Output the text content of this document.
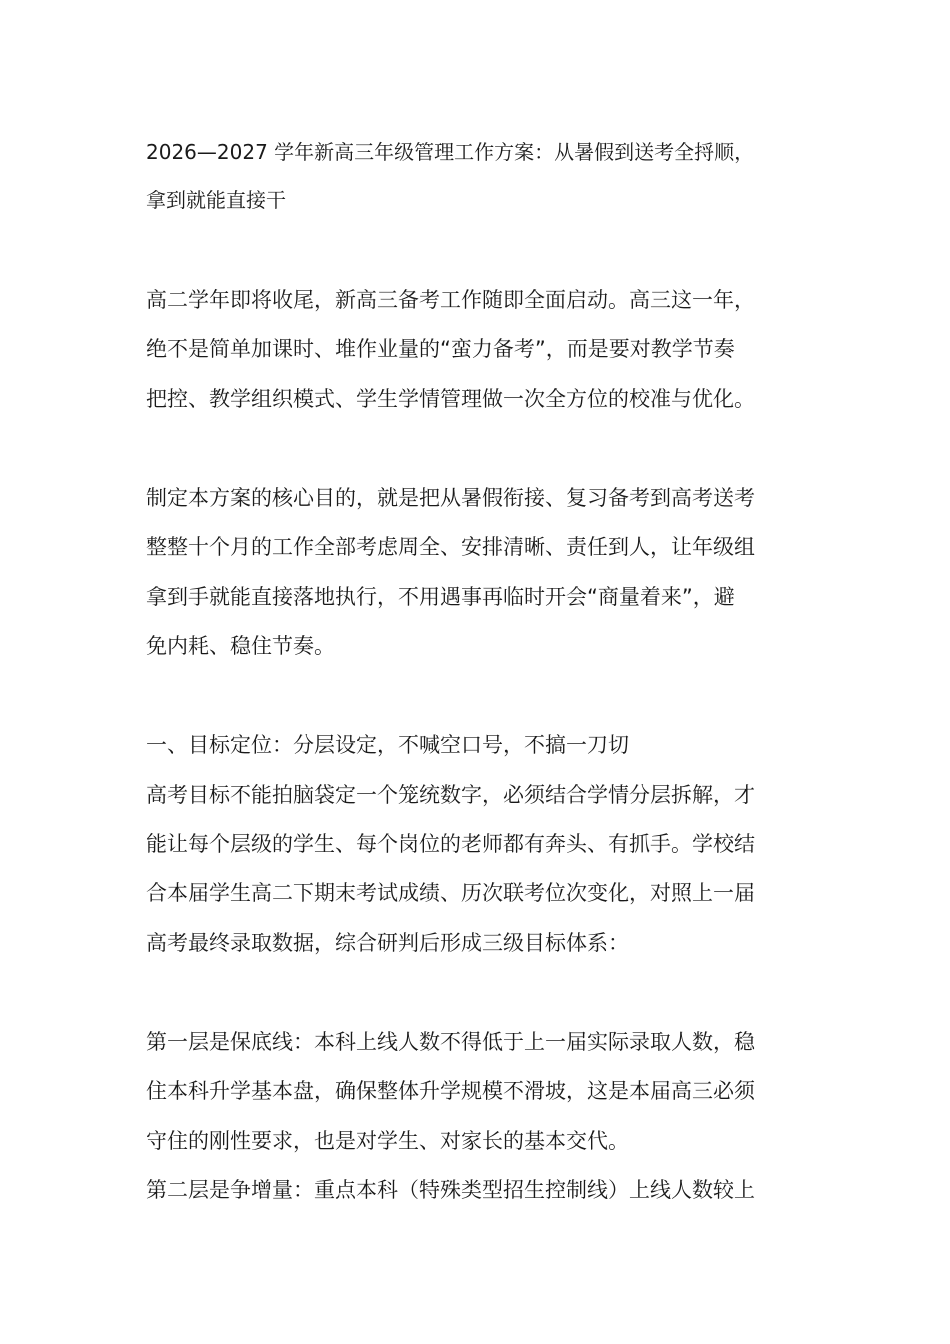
2026—2027 学年新高三年级管理工作方案：从暑假到送考全捋顺，
拿到就能直接干
高二学年即将收尾，新高三备考工作随即全面启动。高三这一年，
绝不是简单加课时、堆作业量的“蛮力备考”，而是要对教学节奏
把控、教学组织模式、学生学情管理做一次全方位的校准与优化。
制定本方案的核心目的，就是把从暑假衔接、复习备考到高考送考
整整十个月的工作全部考虑周全、安排清晰、责任到人，让年级组
拿到手就能直接落地执行，不用遇事再临时开会“商量着来”，避
免内耗、稳住节奏。
一、目标定位：分层设定，不喊空口号，不搞一刀切
高考目标不能拍脑袋定一个笼统数字，必须结合学情分层拆解，才
能让每个层级的学生、每个岗位的老师都有奔头、有抓手。学校结
合本届学生高二下期末考试成绩、历次联考位次变化，对照上一届
高考最终录取数据，综合研判后形成三级目标体系：
第一层是保底线：本科上线人数不得低于上一届实际录取人数，稳
住本科升学基本盘，确保整体升学规模不滑坡，这是本届高三必须
守住的刚性要求，也是对学生、对家长的基本交代。
第二层是争增量：重点本科（特殊类型招生控制线）上线人数较上
